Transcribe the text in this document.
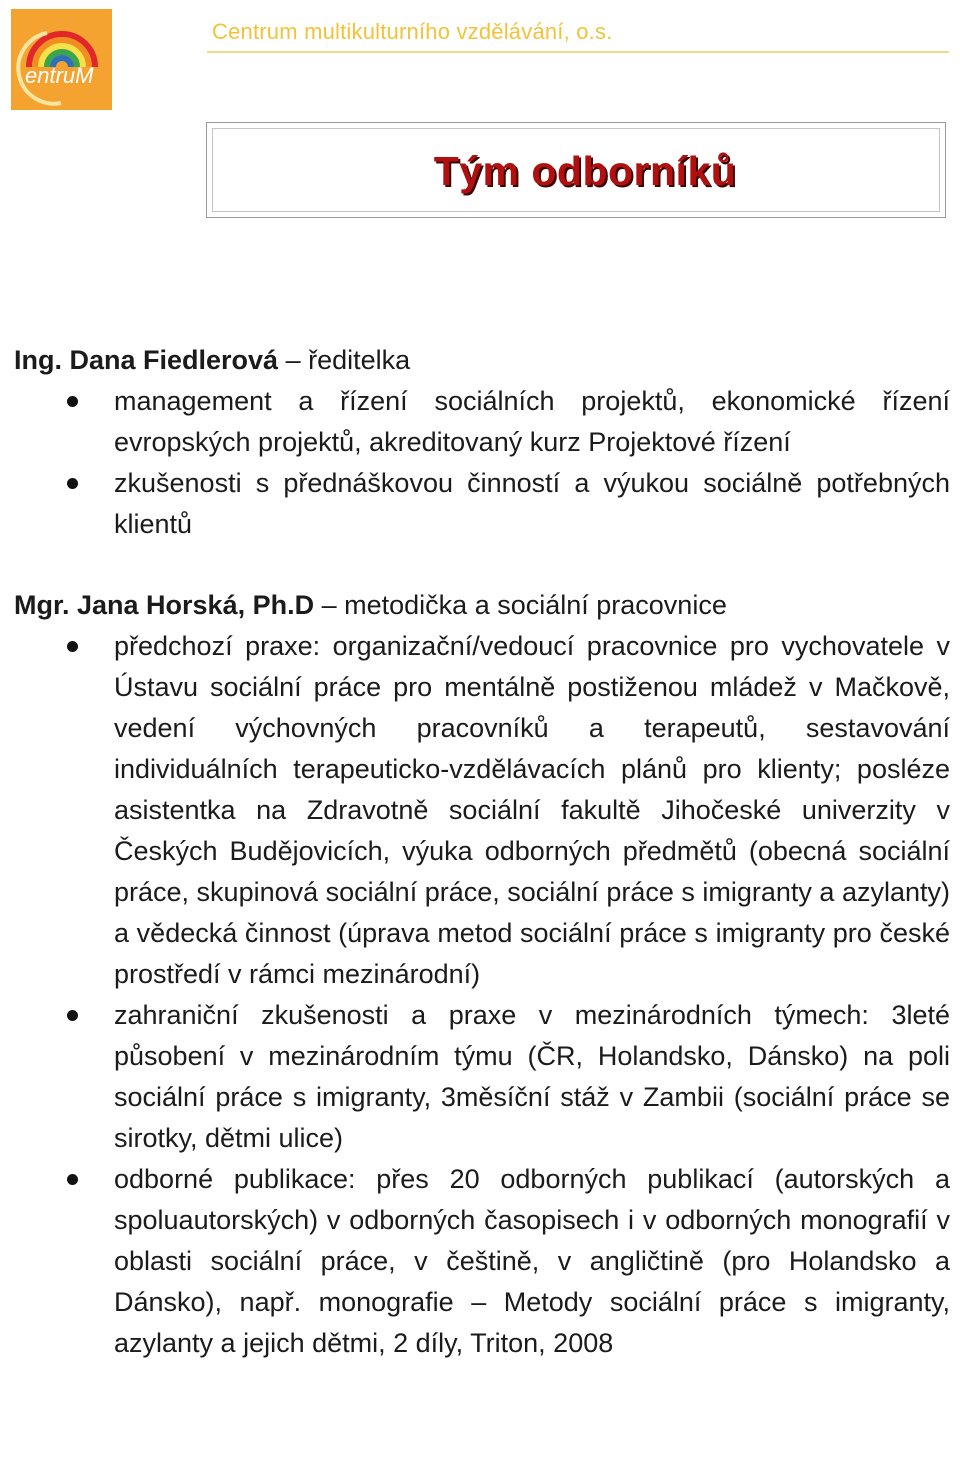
entruM
Centrum multikulturního vzdělávání, o.s.
Tým odborníků

Ing. Dana Fiedlerová – ředitelka

management a řízení sociálních projektů, ekonomické řízení evropských projektů, akreditovaný kurz Projektové řízení
zkušenosti s přednáškovou činností a výukou sociálně potřebných klientů

Mgr. Jana Horská, Ph.D – metodička a sociální pracovnice

předchozí praxe: organizační/vedoucí pracovnice pro vychovatele v Ústavu sociální práce pro mentálně postiženou mládež v Mačkově, vedení výchovných pracovníků a terapeutů, sestavování individuálních terapeuticko-vzdělávacích plánů pro klienty; posléze asistentka na Zdravotně sociální fakultě Jihočeské univerzity v Českých Budějovicích, výuka odborných předmětů (obecná sociální práce, skupinová sociální práce, sociální práce s imigranty a azylanty) a vědecká činnost (úprava metod sociální práce s imigranty pro české prostředí v rámci mezinárodní)
zahraniční zkušenosti a praxe v mezinárodních týmech: 3leté působení v mezinárodním týmu (ČR, Holandsko, Dánsko) na poli sociální práce s imigranty, 3měsíční stáž v Zambii (sociální práce se sirotky, dětmi ulice)
odborné publikace: přes 20 odborných publikací (autorských a spoluautorských) v odborných časopisech i v odborných monografií v oblasti sociální práce, v češtině, v angličtině (pro Holandsko a Dánsko), např. monografie – Metody sociální práce s imigranty, azylanty a jejich dětmi, 2 díly, Triton, 2008
